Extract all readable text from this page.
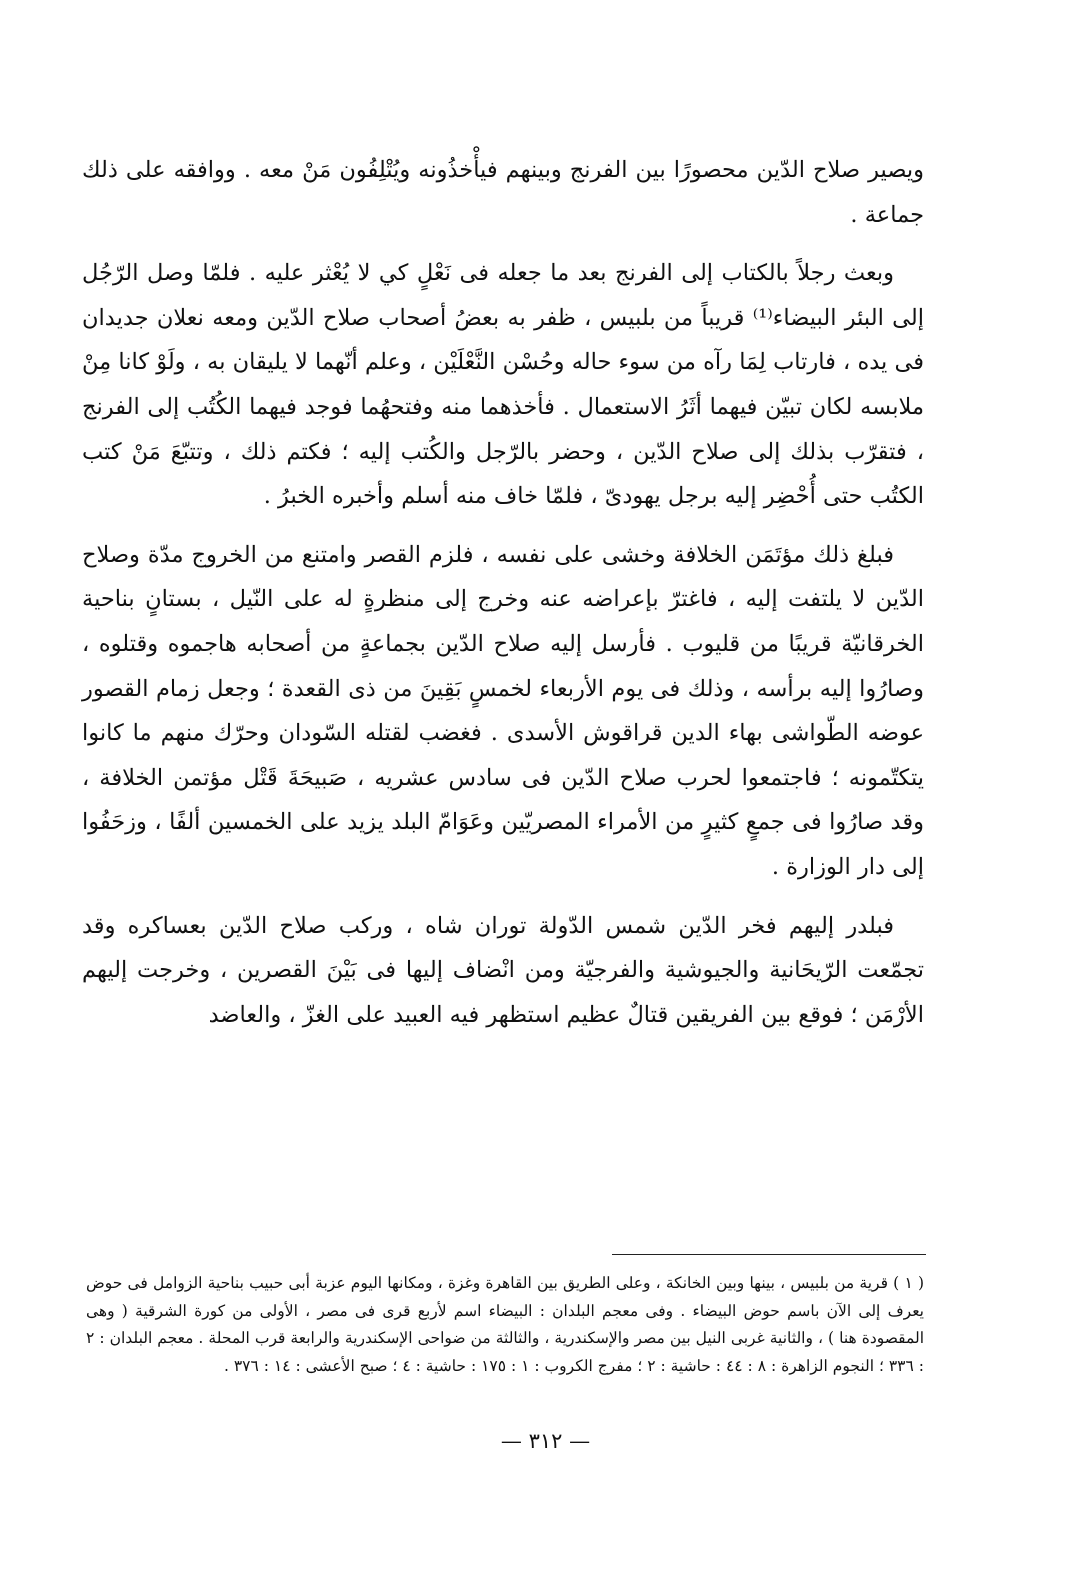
ويصير صلاح الدّين محصورًا بين الفرنج وبينهم فيأْخذُونه ويُتْلِفُون مَنْ معه . ووافقه على ذلك جماعة .

وبعث رجلاً بالكتاب إلى الفرنج بعد ما جعله فى نَعْلٍ كي لا يُعْثر عليه . فلمّا وصل الرّجُل إلى البئر البيضاء⁽¹⁾ قريباً من بلبيس ، ظفر به بعضُ أصحاب صلاح الدّين ومعه نعلان جديدان فى يده ، فارتاب لِمَا رآه من سوء حاله وحُسْن النَّعْلَيْن ، وعلم أنّهما لا يليقان به ، ولَوْ كانا مِنْ ملابسه لكان تبيّن فيهما أثَرُ الاستعمال . فأخذهما منه وفتحهُما فوجد فيهما الكُتُب إلى الفرنج ، فتقرّب بذلك إلى صلاح الدّين ، وحضر بالرّجل والكُتب إليه ؛ فكتم ذلك ، وتتبّعَ مَنْ كتب الكتُب حتى أُحْضِر إليه برجل يهودىّ ، فلمّا خاف منه أسلم وأخبره الخبرُ .

فبلغ ذلك مؤتَمَن الخلافة وخشى على نفسه ، فلزم القصر وامتنع من الخروج مدّة وصلاح الدّين لا يلتفت إليه ، فاغترّ بإعراضه عنه وخرج إلى منظرةٍ له على النّيل ، بستانٍ بناحية الخرقانيّة قريبًا من قليوب . فأرسل إليه صلاح الدّين بجماعةٍ من أصحابه هاجموه وقتلوه ، وصارُوا إليه برأسه ، وذلك فى يوم الأربعاء لخمسٍ بَقِينَ من ذى القعدة ؛ وجعل زمام القصور عوضه الطّواشى بهاء الدين قراقوش الأسدى . فغضب لقتله السّودان وحرّك منهم ما كانوا يتكتّمونه ؛ فاجتمعوا لحرب صلاح الدّين فى سادس عشريه ، صَبيحَةَ قَتْل مؤتمن الخلافة ، وقد صارُوا فى جمعٍ كثيرٍ من الأمراء المصريّين وعَوَامّ البلد يزيد على الخمسين ألفًا ، وزحَفُوا إلى دار الوزارة .

فبلدر إليهم فخر الدّين شمس الدّولة توران شاه ، وركب صلاح الدّين بعساكره وقد تجمّعت الرّيحَانية والجيوشية والفرجيّة ومن انْضاف إليها فى بَيْنَ القصرين ، وخرجت إليهم الأرْمَن ؛ فوقع بين الفريقين قتالٌ عظيم استظهر فيه العبيد على الغزّ ، والعاضد

( ١ ) قرية من بلبيس ، بينها وبين الخانكة ، وعلى الطريق بين القاهرة وغزة ، ومكانها اليوم عزبة أبى حبيب بناحية الزوامل فى حوض يعرف إلى الآن باسم حوض البيضاء . وفى معجم البلدان : البيضاء اسم لأربع قرى فى مصر ، الأولى من كورة الشرقية ( وهى المقصودة هنا ) ، والثانية غربى النيل بين مصر والإسكندرية ، والثالثة من ضواحى الإسكندرية والرابعة قرب المحلة . معجم البلدان : ٢ : ٣٣٦ ؛ النجوم الزاهرة : ٨ : ٤٤ : حاشية : ٢ ؛ مفرج الكروب : ١ : ١٧٥ : حاشية : ٤ ؛ صبح الأعشى : ١٤ : ٣٧٦ .

— ٣١٢ —
